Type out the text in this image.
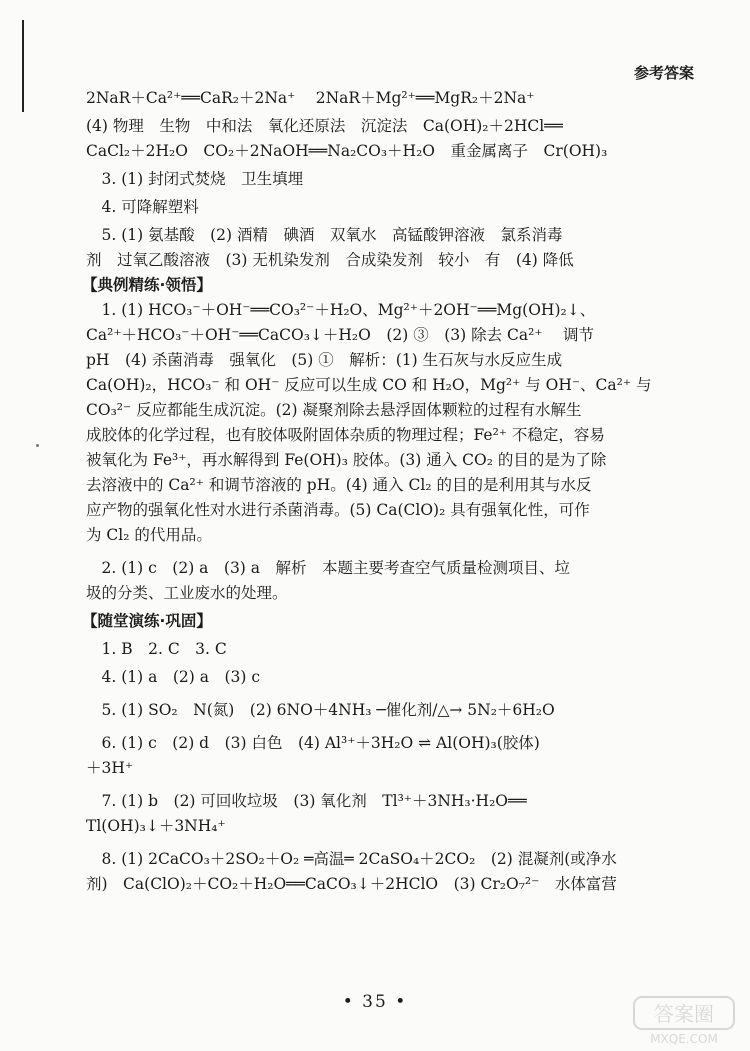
参考答案
2NaR＋Ca²⁺══CaR₂＋2Na⁺　 2NaR＋Mg²⁺══MgR₂＋2Na⁺
(4) 物理　生物　中和法　氧化还原法　沉淀法　Ca(OH)₂＋2HCl══
CaCl₂＋2H₂O　CO₂＋2NaOH══Na₂CO₃＋H₂O　重金属离子　Cr(OH)₃
　3. (1) 封闭式焚烧　卫生填埋
　4. 可降解塑料
　5. (1) 氨基酸　(2) 酒精　碘酒　双氧水　高锰酸钾溶液　氯系消毒
剂　过氧乙酸溶液　(3) 无机染发剂　合成染发剂　较小　有　(4) 降低
【典例精练·领悟】
　1. (1) HCO₃⁻＋OH⁻══CO₃²⁻＋H₂O、Mg²⁺＋2OH⁻══Mg(OH)₂↓、
Ca²⁺＋HCO₃⁻＋OH⁻══CaCO₃↓＋H₂O　(2) ③　(3) 除去 Ca²⁺　 调节
pH　(4) 杀菌消毒　强氧化　(5) ①　解析：(1) 生石灰与水反应生成
Ca(OH)₂，HCO₃⁻ 和 OH⁻ 反应可以生成 CO 和 H₂O，Mg²⁺ 与 OH⁻、Ca²⁺ 与
CO₃²⁻ 反应都能生成沉淀。(2) 凝聚剂除去悬浮固体颗粒的过程有水解生
成胶体的化学过程，也有胶体吸附固体杂质的物理过程；Fe²⁺ 不稳定，容易
被氧化为 Fe³⁺，再水解得到 Fe(OH)₃ 胶体。(3) 通入 CO₂ 的目的是为了除
去溶液中的 Ca²⁺ 和调节溶液的 pH。(4) 通入 Cl₂ 的目的是利用其与水反
应产物的强氧化性对水进行杀菌消毒。(5) Ca(ClO)₂ 具有强氧化性，可作
为 Cl₂ 的代用品。
　2. (1) c　(2) a　(3) a　解析　本题主要考查空气质量检测项目、垃
圾的分类、工业废水的处理。
【随堂演练·巩固】
　1. B　2. C　3. C
　4. (1) a　(2) a　(3) c
　5. (1) SO₂　N(氮)　(2) 6NO＋4NH₃ ─催化剂/△→ 5N₂＋6H₂O
　6. (1) c　(2) d　(3) 白色　(4) Al³⁺＋3H₂O ⇌ Al(OH)₃(胶体)
＋3H⁺
　7. (1) b　(2) 可回收垃圾　(3) 氧化剂　Tl³⁺＋3NH₃·H₂O══
Tl(OH)₃↓＋3NH₄⁺
　8. (1) 2CaCO₃＋2SO₂＋O₂ ═高温═ 2CaSO₄＋2CO₂　(2) 混凝剂(或净水
剂)　Ca(ClO)₂＋CO₂＋H₂O══CaCO₃↓＋2HClO　(3) Cr₂O₇²⁻　水体富营
• 35 •	答案圈
MXQE.COM
